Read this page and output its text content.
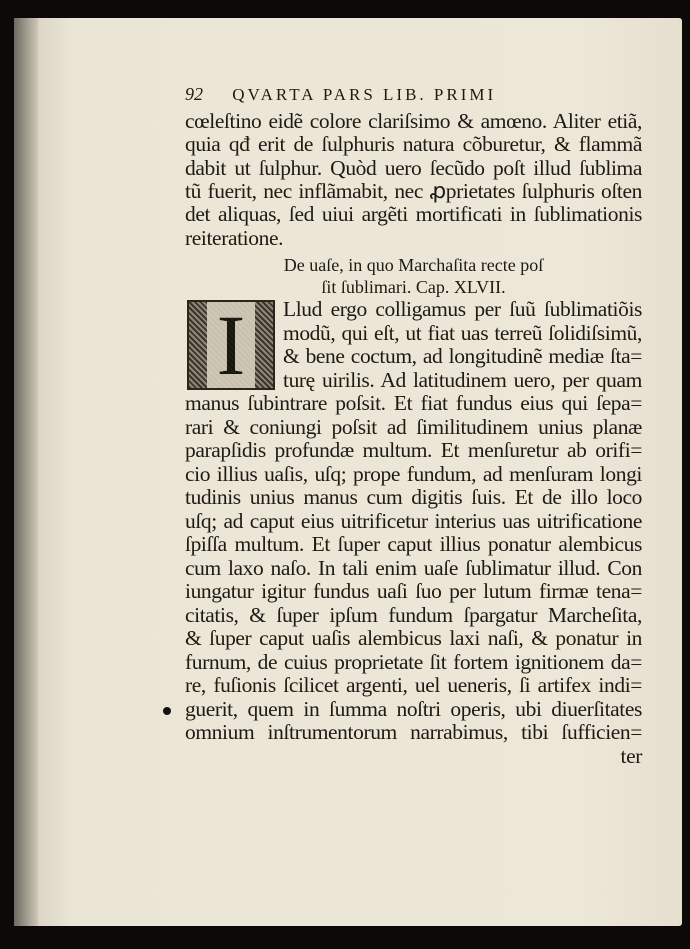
92 QVARTA PARS LIB. PRIMI
cœleſtino eidẽ colore clariſsimo & amœno. Aliter etiã,
quia qđ erit de ſulphuris natura cõburetur, & flammã
dabit ut ſulphur. Quòd uero ſecũdo poſt illud ſublima
tũ fuerit, nec inflãmabit, nec ꝓprietates ſulphuris oſten
det aliquas, ſed uiui argẽti mortificati in ſublimationis
reiteratione.
De uaſe, in quo Marchaſita recte poſ
ſit ſublimari. Cap. XLVII.
I	Llud ergo colligamus per ſuũ ſublimatiõis
modũ, qui eſt, ut fiat uas terreũ ſolidiſsimũ,
& bene coctum, ad longitudinẽ mediæ ſta=
turę uirilis. Ad latitudinem uero, per quam
manus ſubintrare poſsit. Et fiat fundus eius qui ſepa=
rari & coniungi poſsit ad ſimilitudinem unius planæ
parapſidis profundæ multum. Et menſuretur ab orifi=
cio illius uaſis, uſq; prope fundum, ad menſuram longi
tudinis unius manus cum digitis ſuis. Et de illo loco
uſq; ad caput eius uitrificetur interius uas uitrificatione
ſpiſſa multum. Et ſuper caput illius ponatur alembicus
cum laxo naſo. In tali enim uaſe ſublimatur illud. Con
iungatur igitur fundus uaſi ſuo per lutum firmæ tena=
citatis, & ſuper ipſum fundum ſpargatur Marcheſita,
& ſuper caput uaſis alembicus laxi naſi, & ponatur in
furnum, de cuius proprietate ſit fortem ignitionem da=
re, fuſionis ſcilicet argenti, uel ueneris, ſi artifex indi=
guerit, quem in ſumma noſtri operis, ubi diuerſitates
omnium inſtrumentorum narrabimus, tibi ſufficien=
ter
